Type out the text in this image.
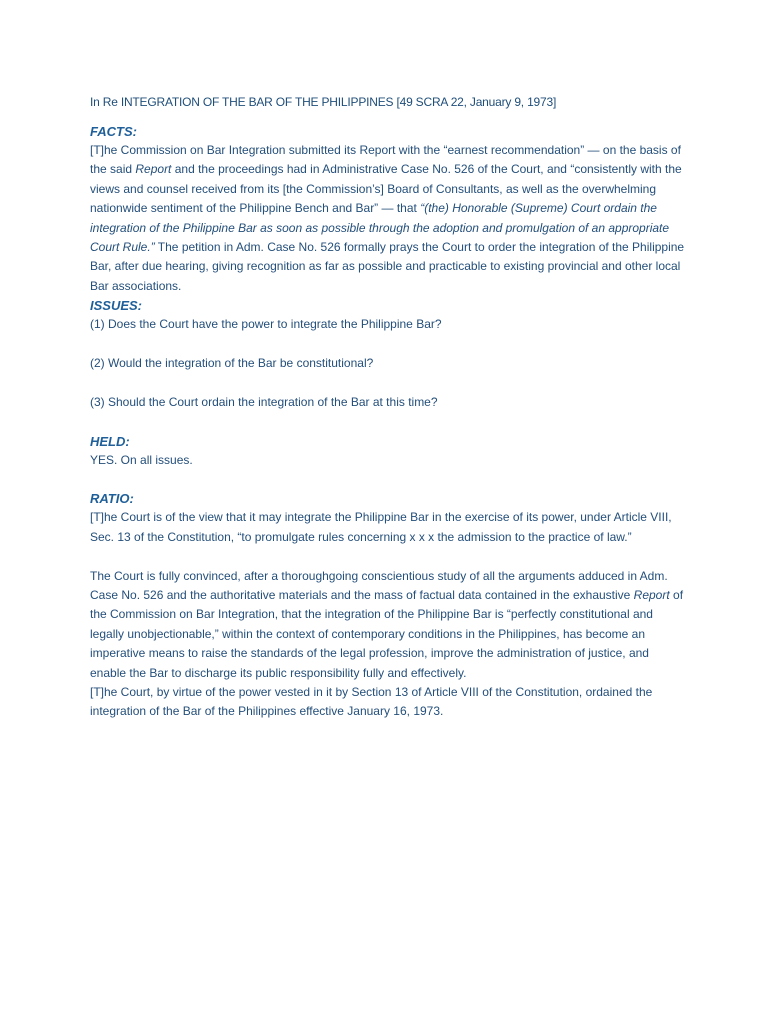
In Re INTEGRATION OF THE BAR OF THE PHILIPPINES [49 SCRA 22, January 9, 1973]
FACTS:

[T]he Commission on Bar Integration submitted its Report with the “earnest recommendation” — on the basis of the said Report and the proceedings had in Administrative Case No. 526 of the Court, and “consistently with the views and counsel received from its [the Commission’s] Board of Consultants, as well as the overwhelming nationwide sentiment of the Philippine Bench and Bar” — that “(the) Honorable (Supreme) Court ordain the integration of the Philippine Bar as soon as possible through the adoption and promulgation of an appropriate Court Rule.” The petition in Adm. Case No. 526 formally prays the Court to order the integration of the Philippine Bar, after due hearing, giving recognition as far as possible and practicable to existing provincial and other local Bar associations.

ISSUES:

(1) Does the Court have the power to integrate the Philippine Bar?

(2) Would the integration of the Bar be constitutional?

(3) Should the Court ordain the integration of the Bar at this time?

HELD:

YES. On all issues.

RATIO:

[T]he Court is of the view that it may integrate the Philippine Bar in the exercise of its power, under Article VIII, Sec. 13 of the Constitution, “to promulgate rules concerning x x x the admission to the practice of law.”

The Court is fully convinced, after a thoroughgoing conscientious study of all the arguments adduced in Adm. Case No. 526 and the authoritative materials and the mass of factual data contained in the exhaustive Report of the Commission on Bar Integration, that the integration of the Philippine Bar is “perfectly constitutional and legally unobjectionable,” within the context of contemporary conditions in the Philippines, has become an imperative means to raise the standards of the legal profession, improve the administration of justice, and enable the Bar to discharge its public responsibility fully and effectively.

[T]he Court, by virtue of the power vested in it by Section 13 of Article VIII of the Constitution, ordained the integration of the Bar of the Philippines effective January 16, 1973.
